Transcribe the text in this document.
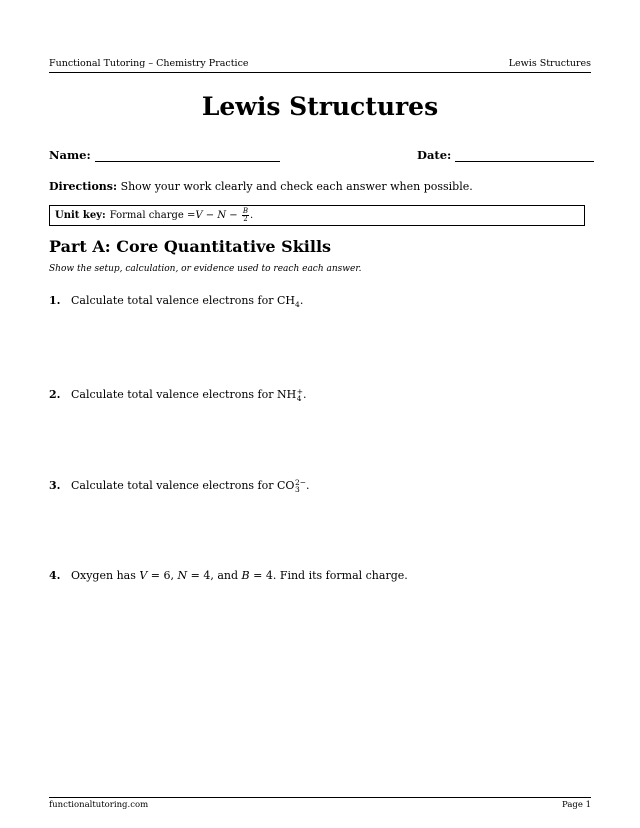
Functional Tutoring – Chemistry Practice	Lewis Structures
Lewis Structures
Name:	Date:
Directions: Show your work clearly and check each answer when possible.
Unit key: Formal charge = $V - N - \frac{B}{2}$ .
Part A: Core Quantitative Skills
Show the setup, calculation, or evidence used to reach each answer.
1. Calculate total valence electrons for $CH_4$.
2. Calculate total valence electrons for NH +
4 .
3. Calculate total valence electrons for CO 2−
3 .
4. Oxygen has V = 6, N = 4, and B = 4. Find its formal charge.
functionaltutoring.com	Page 1
